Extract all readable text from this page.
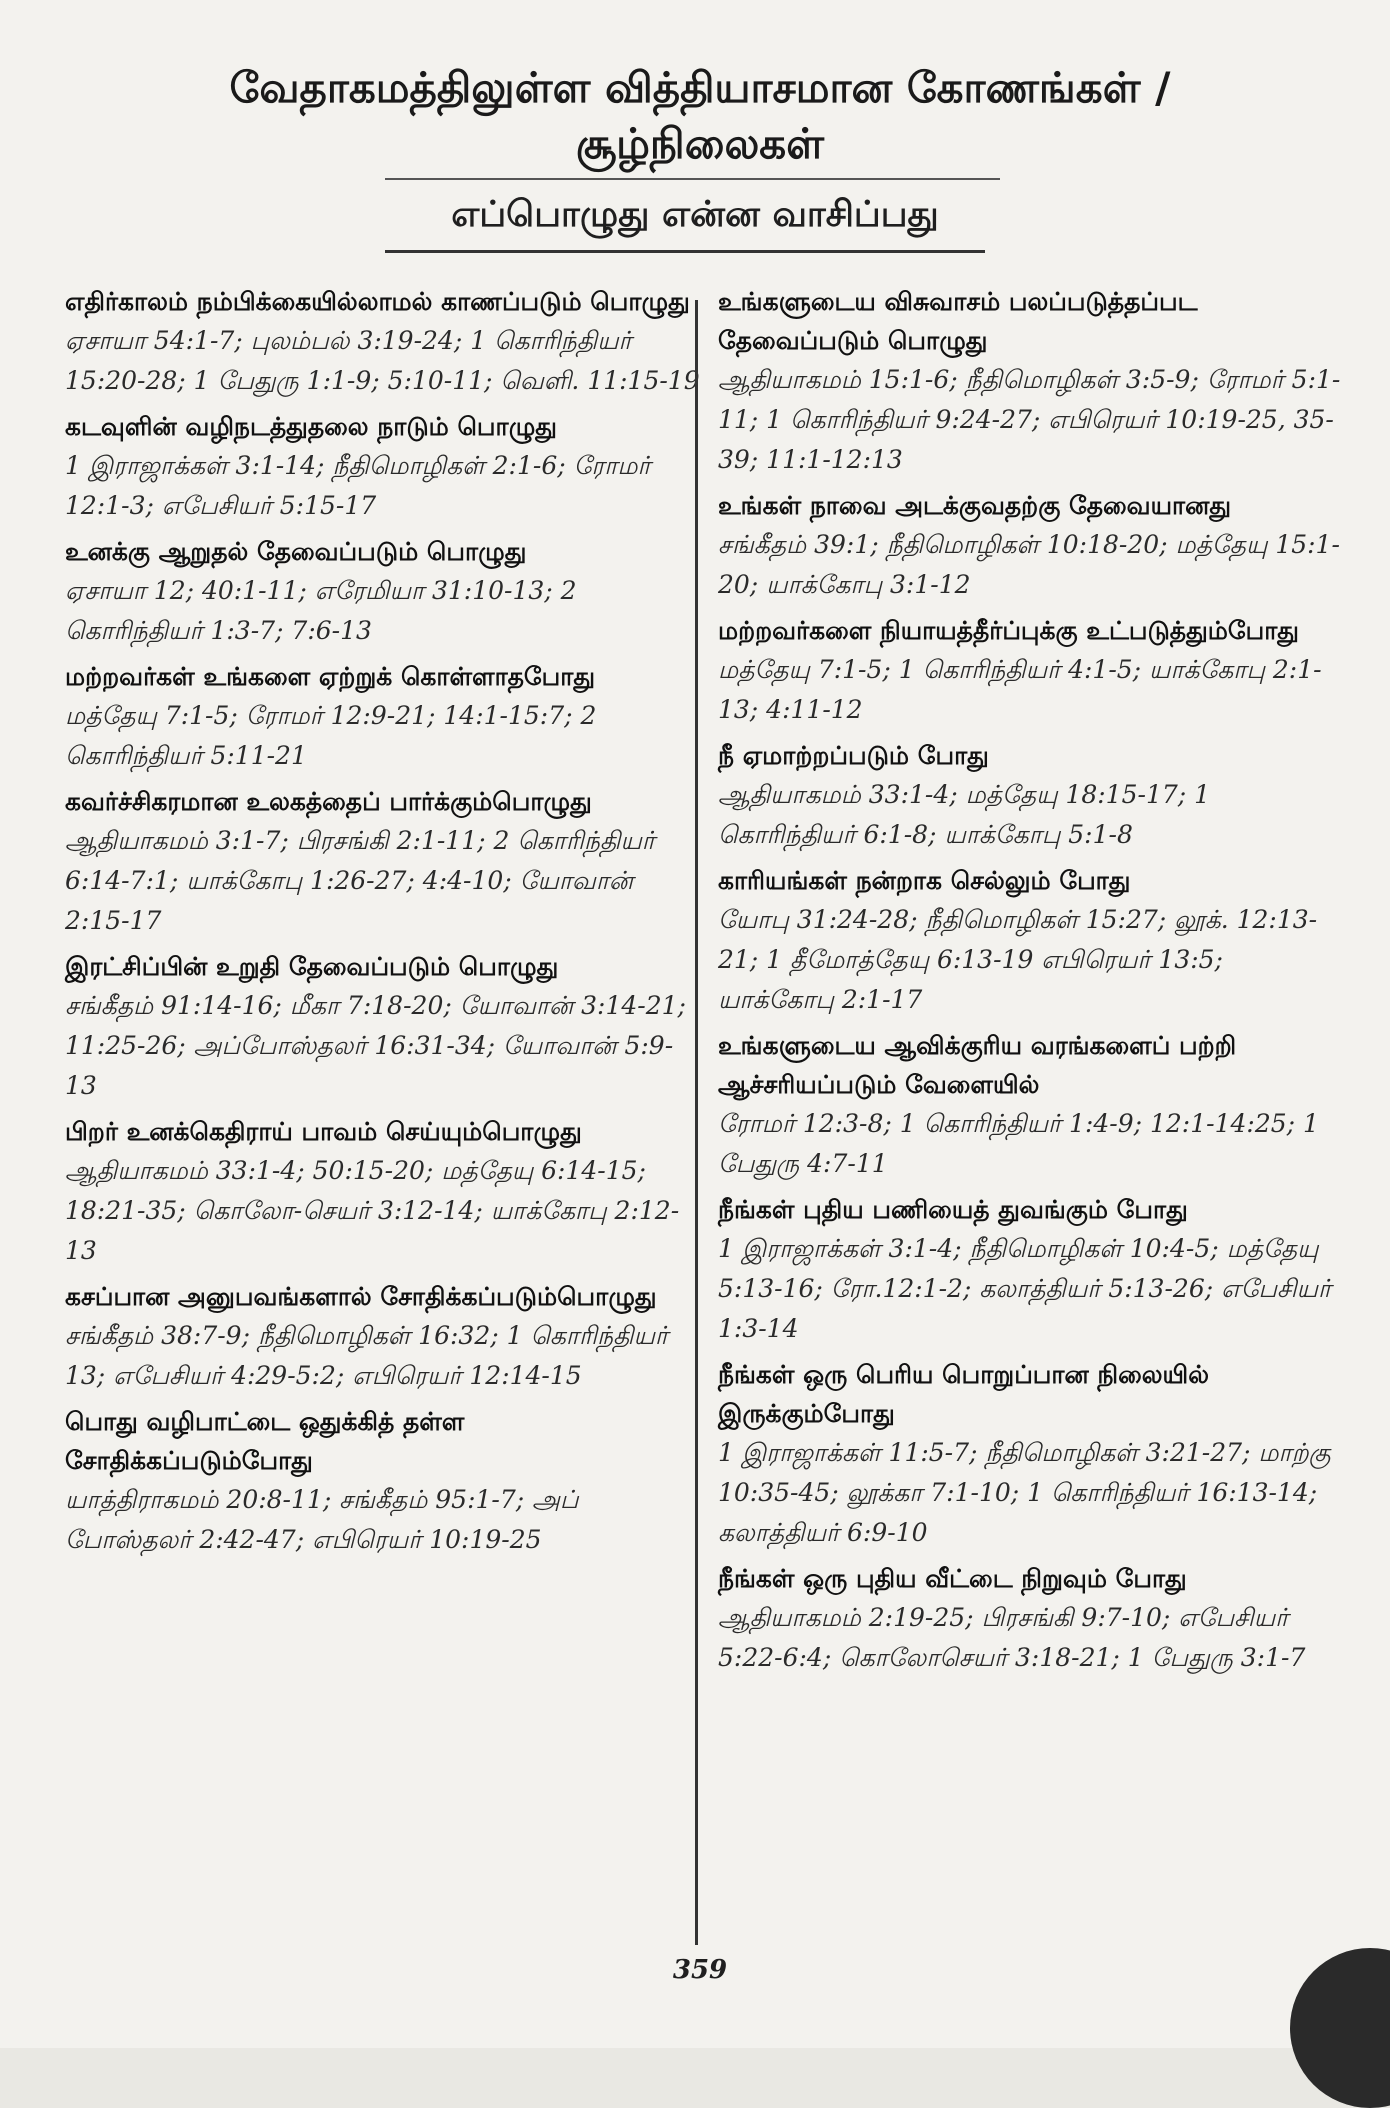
வேதாகமத்திலுள்ள வித்தியாசமான கோணங்கள் / சூழ்நிலைகள்
எப்பொழுது என்ன வாசிப்பது
எதிர்காலம் நம்பிக்கையில்லாமல் காணப்படும் பொழுது
ஏசாயா 54:1-7; புலம்பல் 3:19-24; 1 கொரிந்தியர் 15:20-28; 1 பேதுரு 1:1-9; 5:10-11; வெளி. 11:15-19
கடவுளின் வழிநடத்துதலை நாடும் பொழுது
1 இராஜாக்கள் 3:1-14; நீதிமொழிகள் 2:1-6; ரோமர் 12:1-3; எபேசியர் 5:15-17
உனக்கு ஆறுதல் தேவைப்படும் பொழுது
ஏசாயா 12; 40:1-11; எரேமியா 31:10-13; 2 கொரிந்தியர் 1:3-7; 7:6-13
மற்றவர்கள் உங்களை ஏற்றுக் கொள்ளாதபோது
மத்தேயு 7:1-5; ரோமர் 12:9-21; 14:1-15:7; 2 கொரிந்தியர் 5:11-21
கவர்ச்சிகரமான உலகத்தைப் பார்க்கும்பொழுது
ஆதியாகமம் 3:1-7; பிரசங்கி 2:1-11; 2 கொரிந்தியர் 6:14-7:1; யாக்கோபு 1:26-27; 4:4-10; யோவான் 2:15-17
இரட்சிப்பின் உறுதி தேவைப்படும் பொழுது
சங்கீதம் 91:14-16; மீகா 7:18-20; யோவான் 3:14-21; 11:25-26; அப்போஸ்தலர் 16:31-34; யோவான் 5:9-13
பிறர் உனக்கெதிராய் பாவம் செய்யும்பொழுது
ஆதியாகமம் 33:1-4; 50:15-20; மத்தேயு 6:14-15; 18:21-35; கொலோ-செயர் 3:12-14; யாக்கோபு 2:12-13
கசப்பான அனுபவங்களால் சோதிக்கப்படும்பொழுது
சங்கீதம் 38:7-9; நீதிமொழிகள் 16:32; 1 கொரிந்தியர் 13; எபேசியர் 4:29-5:2; எபிரெயர் 12:14-15
பொது வழிபாட்டை ஒதுக்கித் தள்ள சோதிக்கப்படும்போது
யாத்திராகமம் 20:8-11; சங்கீதம் 95:1-7; அப் போஸ்தலர் 2:42-47; எபிரெயர் 10:19-25
உங்களுடைய விசுவாசம் பலப்படுத்தப்பட தேவைப்படும் பொழுது
ஆதியாகமம் 15:1-6; நீதிமொழிகள் 3:5-9; ரோமர் 5:1-11; 1 கொரிந்தியர் 9:24-27; எபிரெயர் 10:19-25, 35-39; 11:1-12:13
உங்கள் நாவை அடக்குவதற்கு தேவையானது
சங்கீதம் 39:1; நீதிமொழிகள் 10:18-20; மத்தேயு 15:1-20; யாக்கோபு 3:1-12
மற்றவர்களை நியாயத்தீர்ப்புக்கு உட்படுத்தும்போது
மத்தேயு 7:1-5; 1 கொரிந்தியர் 4:1-5; யாக்கோபு 2:1-13; 4:11-12
நீ ஏமாற்றப்படும் போது
ஆதியாகமம் 33:1-4; மத்தேயு 18:15-17; 1 கொரிந்தியர் 6:1-8; யாக்கோபு 5:1-8
காரியங்கள் நன்றாக செல்லும் போது
யோபு 31:24-28; நீதிமொழிகள் 15:27; லூக். 12:13-21; 1 தீமோத்தேயு 6:13-19 எபிரெயர் 13:5; யாக்கோபு 2:1-17
உங்களுடைய ஆவிக்குரிய வரங்களைப் பற்றி ஆச்சரியப்படும் வேளையில்
ரோமர் 12:3-8; 1 கொரிந்தியர் 1:4-9; 12:1-14:25; 1 பேதுரு 4:7-11
நீங்கள் புதிய பணியைத் துவங்கும் போது
1 இராஜாக்கள் 3:1-4; நீதிமொழிகள் 10:4-5; மத்தேயு 5:13-16; ரோ.12:1-2; கலாத்தியர் 5:13-26; எபேசியர் 1:3-14
நீங்கள் ஒரு பெரிய பொறுப்பான நிலையில் இருக்கும்போது
1 இராஜாக்கள் 11:5-7; நீதிமொழிகள் 3:21-27; மாற்கு 10:35-45; லூக்கா 7:1-10; 1 கொரிந்தியர் 16:13-14; கலாத்தியர் 6:9-10
நீங்கள் ஒரு புதிய வீட்டை நிறுவும் போது
ஆதியாகமம் 2:19-25; பிரசங்கி 9:7-10; எபேசியர் 5:22-6:4; கொலோசெயர் 3:18-21; 1 பேதுரு 3:1-7
359
